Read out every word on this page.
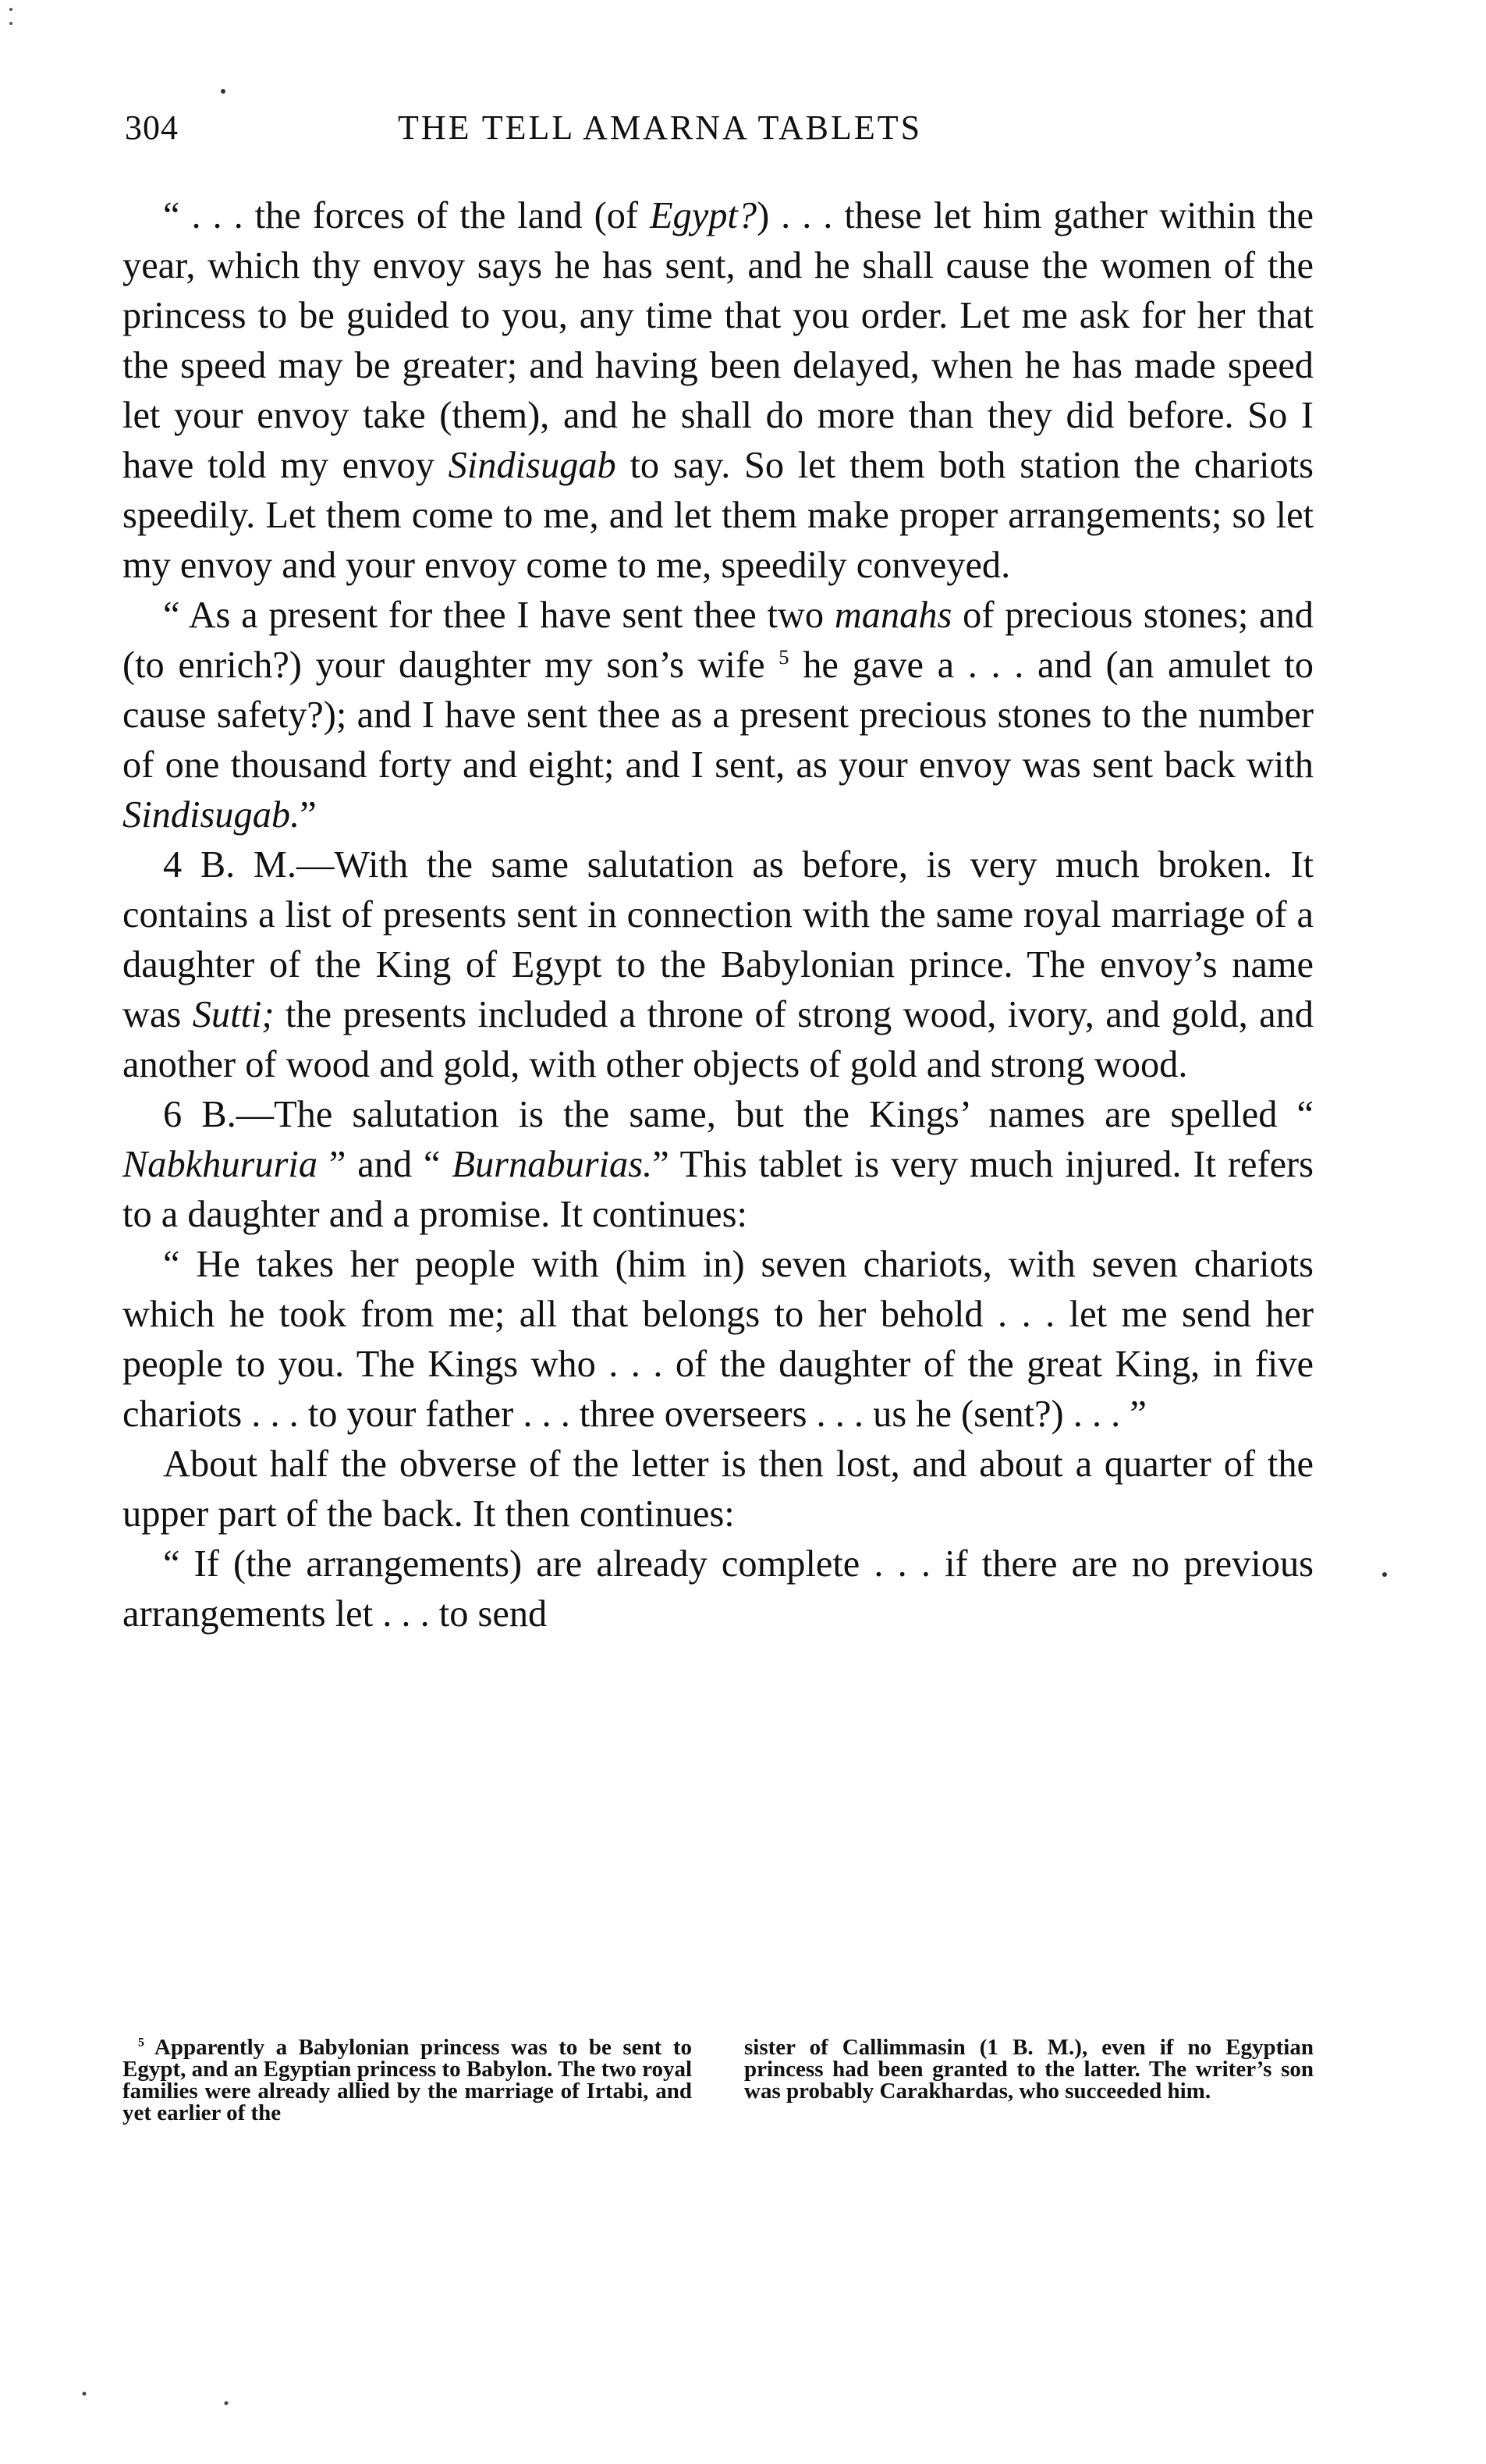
304	THE TELL AMARNA TABLETS

“ . . . the forces of the land (of Egypt?) . . . these let him gather within the year, which thy envoy says he has sent, and he shall cause the women of the princess to be guided to you, any time that you order. Let me ask for her that the speed may be greater; and having been delayed, when he has made speed let your envoy take (them), and he shall do more than they did before. So I have told my envoy Sindisugab to say. So let them both station the chariots speedily. Let them come to me, and let them make proper arrangements; so let my envoy and your envoy come to me, speedily conveyed.

“ As a present for thee I have sent thee two manahs of precious stones; and (to enrich?) your daughter my son’s wife $^5$ he gave a . . . and (an amulet to cause safety?); and I have sent thee as a present precious stones to the number of one thousand forty and eight; and I sent, as your envoy was sent back with Sindisugab.”

4 B. M.—With the same salutation as before, is very much broken. It contains a list of presents sent in connection with the same royal marriage of a daughter of the King of Egypt to the Babylonian prince. The envoy’s name was Sutti; the presents included a throne of strong wood, ivory, and gold, and another of wood and gold, with other objects of gold and strong wood.

6 B.—The salutation is the same, but the Kings’ names are spelled “ Nabkhururia ” and “ Burnaburias.” This tablet is very much injured. It refers to a daughter and a promise. It continues:

“ He takes her people with (him in) seven chariots, with seven chariots which he took from me; all that belongs to her behold . . . let me send her people to you. The Kings who . . . of the daughter of the great King, in five chariots . . . to your father . . . three overseers . . . us he (sent?) . . . ”

About half the obverse of the letter is then lost, and about a quarter of the upper part of the back. It then continues:

“ If (the arrangements) are already complete . . . if there are no previous arrangements let . . . to send

$^5$ Apparently a Babylonian princess was to be sent to Egypt, and an Egyptian princess to Babylon. The two royal families were already allied by the marriage of Irtabi, and yet earlier of the

sister of Callimmasin (1 B. M.), even if no Egyptian princess had been granted to the latter. The writer’s son was probably Carakhardas, who succeeded him.
